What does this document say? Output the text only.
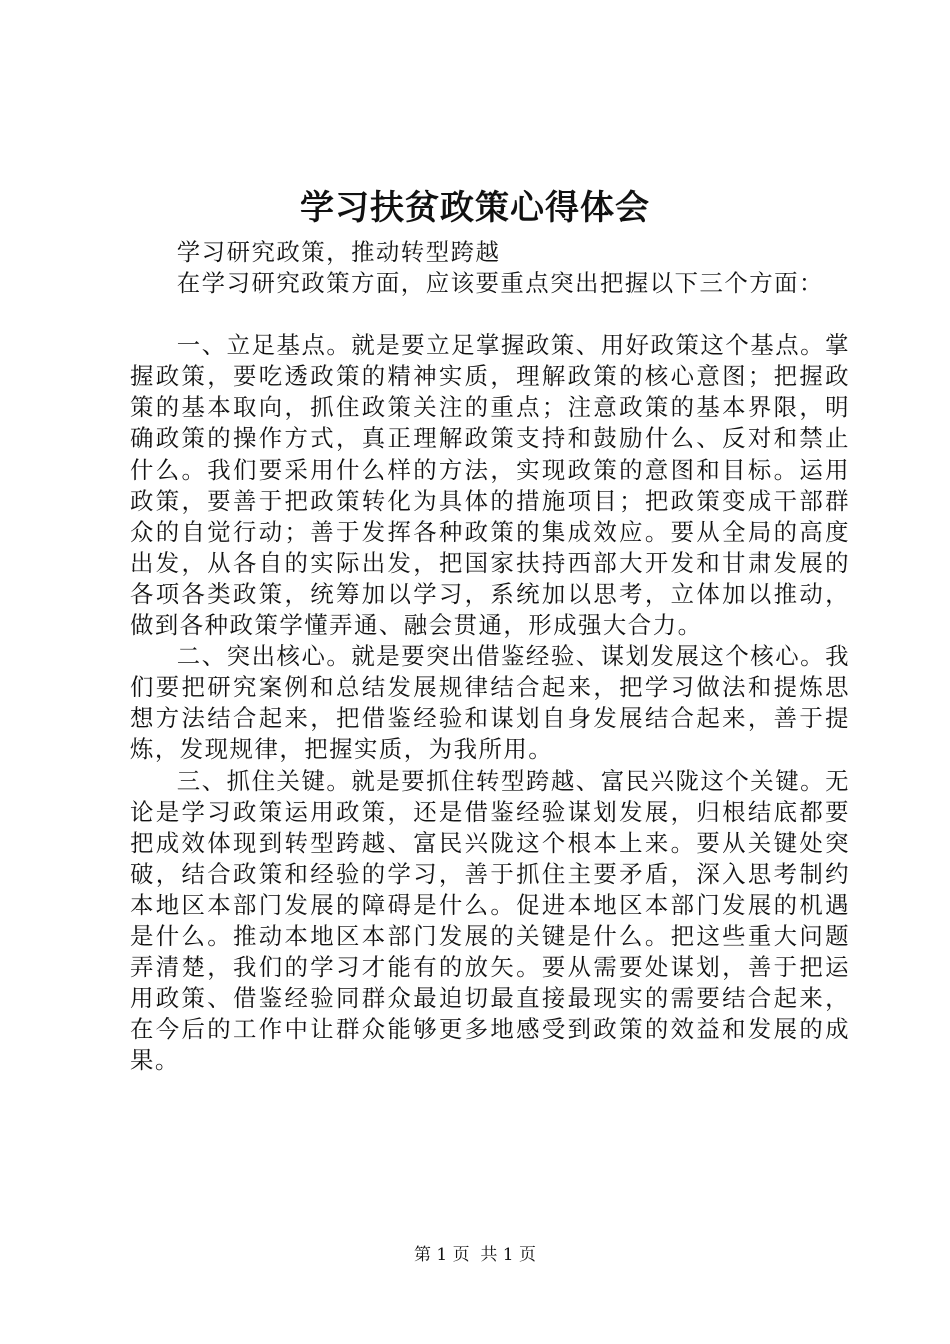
学习扶贫政策心得体会

学习研究政策，推动转型跨越

在学习研究政策方面，应该要重点突出把握以下三个方面：

一、立足基点。就是要立足掌握政策、用好政策这个基点。掌握政策，要吃透政策的精神实质，理解政策的核心意图；把握政策的基本取向，抓住政策关注的重点；注意政策的基本界限，明确政策的操作方式，真正理解政策支持和鼓励什么、反对和禁止什么。我们要采用什么样的方法，实现政策的意图和目标。运用政策，要善于把政策转化为具体的措施项目；把政策变成干部群众的自觉行动；善于发挥各种政策的集成效应。要从全局的高度出发，从各自的实际出发，把国家扶持西部大开发和甘肃发展的各项各类政策，统筹加以学习，系统加以思考，立体加以推动，做到各种政策学懂弄通、融会贯通，形成强大合力。

二、突出核心。就是要突出借鉴经验、谋划发展这个核心。我们要把研究案例和总结发展规律结合起来，把学习做法和提炼思想方法结合起来，把借鉴经验和谋划自身发展结合起来，善于提炼，发现规律，把握实质，为我所用。

三、抓住关键。就是要抓住转型跨越、富民兴陇这个关键。无论是学习政策运用政策，还是借鉴经验谋划发展，归根结底都要把成效体现到转型跨越、富民兴陇这个根本上来。要从关键处突破，结合政策和经验的学习，善于抓住主要矛盾，深入思考制约本地区本部门发展的障碍是什么。促进本地区本部门发展的机遇是什么。推动本地区本部门发展的关键是什么。把这些重大问题弄清楚，我们的学习才能有的放矢。要从需要处谋划，善于把运用政策、借鉴经验同群众最迫切最直接最现实的需要结合起来，在今后的工作中让群众能够更多地感受到政策的效益和发展的成果。

第 1 页  共 1 页
